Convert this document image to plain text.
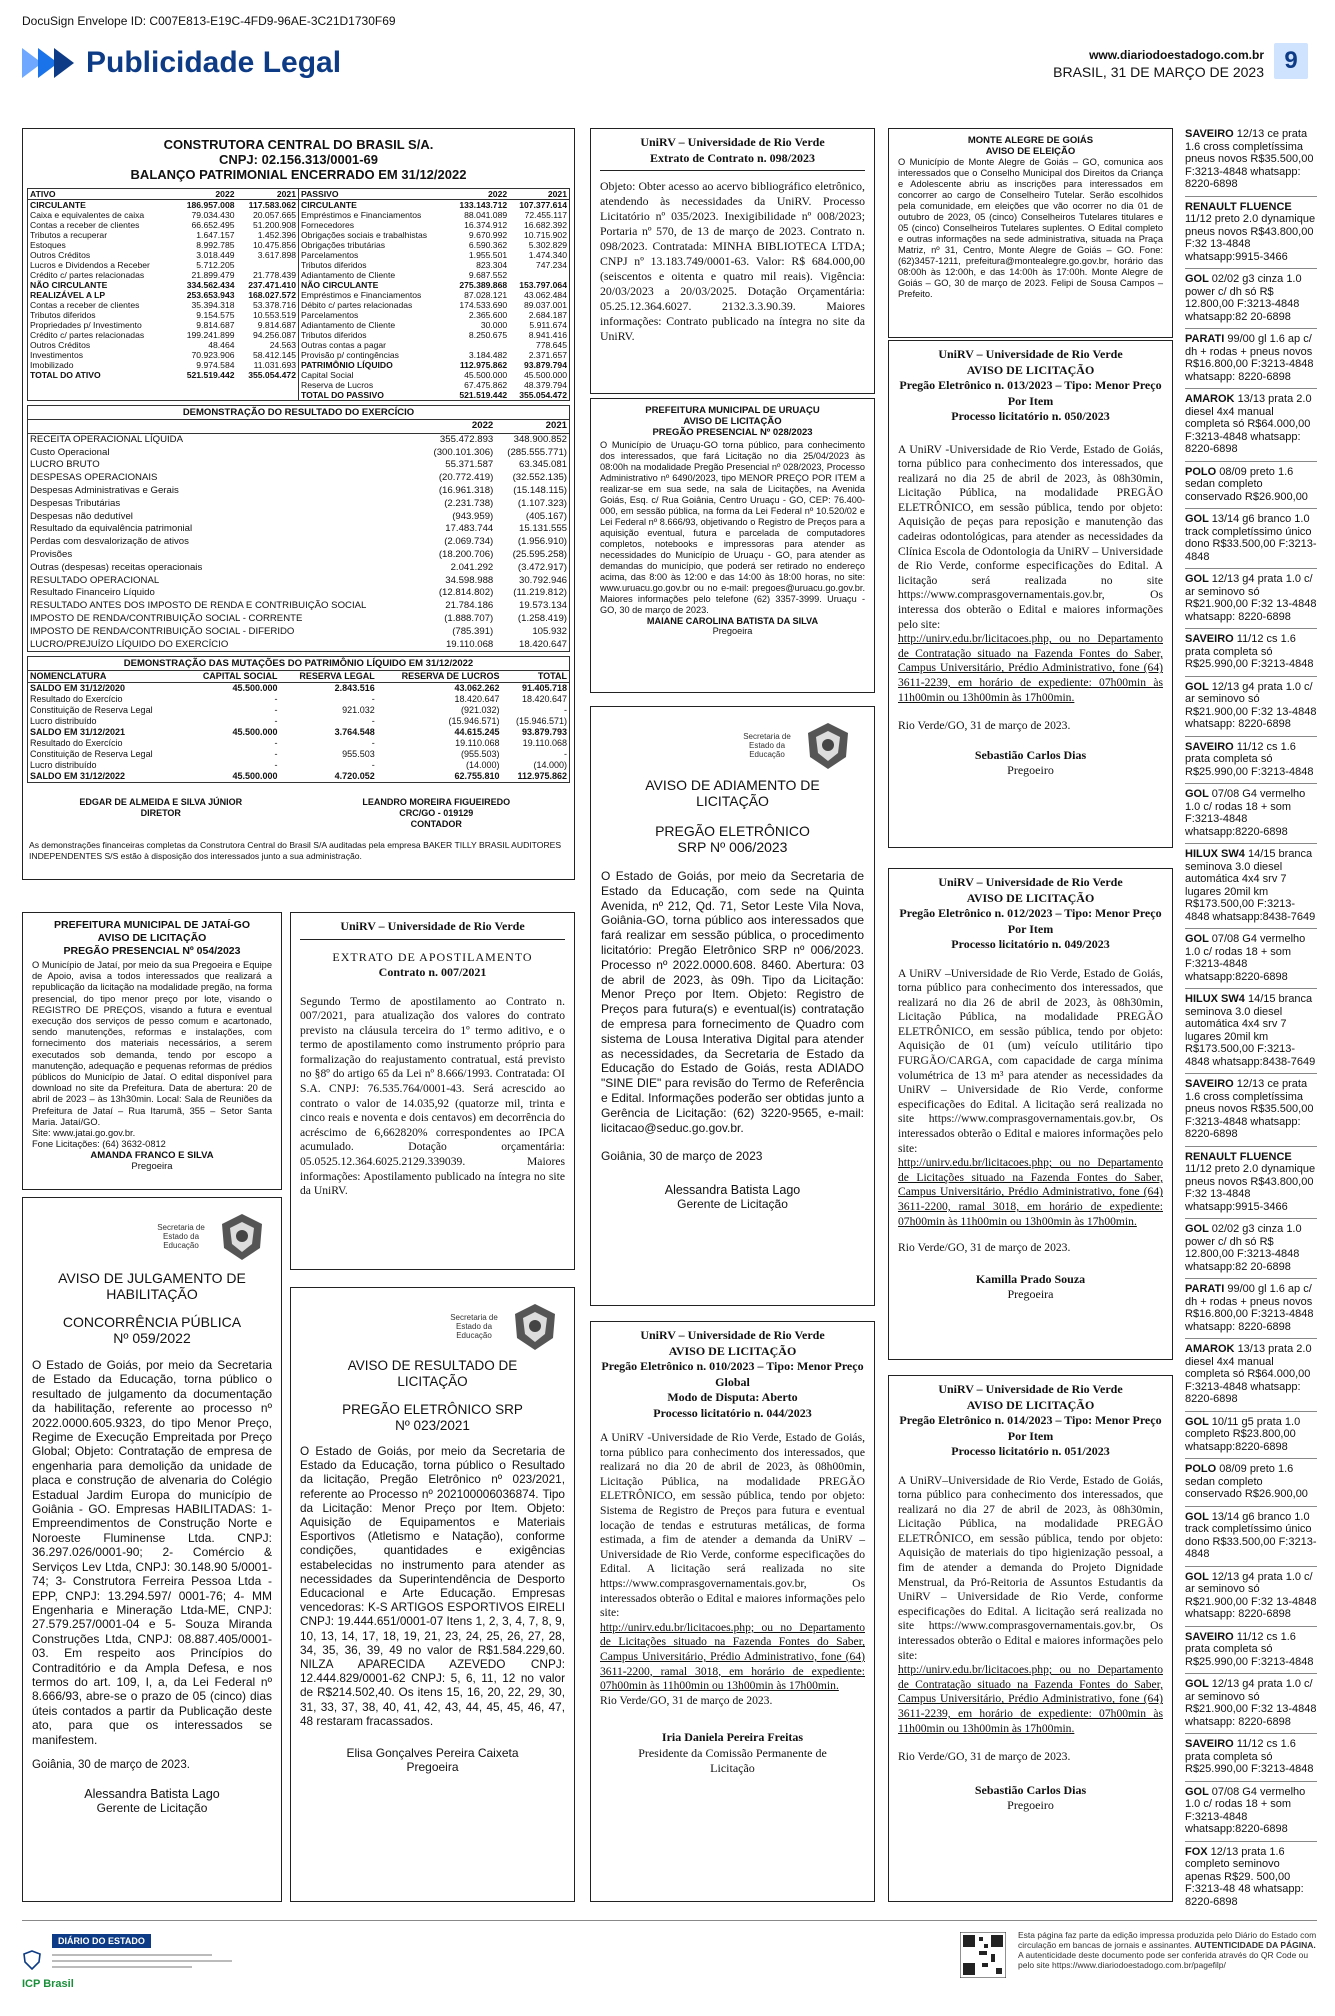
DocuSign Envelope ID: C007E813-E19C-4FD9-96AE-3C21D1730F69
Publicidade Legal	www.diariodoestadogo.com.br
BRASIL, 31 DE MARÇO DE 2023 9
CONSTRUTORA CENTRAL DO BRASIL S/A.
CNPJ: 02.156.313/0001-69
BALANÇO PATRIMONIAL ENCERRADO EM 31/12/2022
ATIVO	2022	2021
CIRCULANTE	186.957.008	117.583.062
Caixa e equivalentes de caixa	79.034.430	20.057.665
Contas a receber de clientes	66.652.495	51.200.908
Tributos a recuperar	1.647.157	1.452.396
Estoques	8.992.785	10.475.856
Outros Créditos	3.018.449	3.617.898
Lucros e Dividendos a Receber	5.712.205	
Crédito c/ partes relacionadas	21.899.479	21.778.439
NÃO CIRCULANTE	334.562.434	237.471.410
REALIZÁVEL A LP	253.653.943	168.027.572
Contas a receber de clientes	35.394.318	53.378.716
Tributos diferidos	9.154.575	10.553.519
Propriedades p/ Investimento	9.814.687	9.814.687
Crédito c/ partes relacionadas	199.241.899	94.256.087
Outros Créditos	48.464	24.563
Investimentos	70.923.906	58.412.145
Imobilizado	9.974.584	11.031.693
TOTAL DO ATIVO	521.519.442	355.054.472
PASSIVO	2022	2021
CIRCULANTE	133.143.712	107.377.614
Empréstimos e Financiamentos	88.041.089	72.455.117
Fornecedores	16.374.912	16.682.392
Obrigações sociais e trabalhistas	9.670.992	10.715.902
Obrigações tributárias	6.590.362	5.302.829
Parcelamentos	1.955.501	1.474.340
Tributos diferidos	823.304	747.234
Adiantamento de Cliente	9.687.552	
NÃO CIRCULANTE	275.389.868	153.797.064
Empréstimos e Financiamentos	87.028.121	43.062.484
Débito c/ partes relacionadas	174.533.690	89.037.001
Parcelamentos	2.365.600	2.684.187
Adiantamento de Cliente	30.000	5.911.674
Tributos diferidos	8.250.675	8.941.416
Outras contas a pagar		778.645
Provisão p/ contingências	3.184.482	2.371.657
PATRIMÔNIO LÍQUIDO	112.975.862	93.879.794
Capital Social	45.500.000	45.500.000
Reserva de Lucros	67.475.862	48.379.794
TOTAL DO PASSIVO	521.519.442	355.054.472
DEMONSTRAÇÃO DO RESULTADO DO EXERCÍCIO
	2022	2021
RECEITA OPERACIONAL LÍQUIDA	355.472.893	348.900.852
Custo Operacional	(300.101.306)	(285.555.771)
LUCRO BRUTO	55.371.587	63.345.081
DESPESAS OPERACIONAIS	(20.772.419)	(32.552.135)
Despesas Administrativas e Gerais	(16.961.318)	(15.148.115)
Despesas Tributárias	(2.231.738)	(1.107.323)
Despesas não dedutível	(943.959)	(405.167)
Resultado da equivalência patrimonial	17.483.744	15.131.555
Perdas com desvalorização de ativos	(2.069.734)	(1.956.910)
Provisões	(18.200.706)	(25.595.258)
Outras (despesas) receitas operacionais	2.041.292	(3.472.917)
RESULTADO OPERACIONAL	34.598.988	30.792.946
Resultado Financeiro Líquido	(12.814.802)	(11.219.812)
RESULTADO ANTES DOS IMPOSTO DE RENDA E CONTRIBUIÇÃO SOCIAL	21.784.186	19.573.134
IMPOSTO DE RENDA/CONTRIBUIÇÃO SOCIAL - CORRENTE	(1.888.707)	(1.258.419)
IMPOSTO DE RENDA/CONTRIBUIÇÃO SOCIAL - DIFERIDO	(785.391)	105.932
LUCRO/PREJUÍZO LÍQUIDO DO EXERCÍCIO	19.110.068	18.420.647
DEMONSTRAÇÃO DAS MUTAÇÕES DO PATRIMÔNIO LÍQUIDO EM 31/12/2022
NOMENCLATURA	CAPITAL SOCIAL	RESERVA LEGAL	RESERVA DE LUCROS	TOTAL
SALDO EM 31/12/2020	45.500.000	2.843.516	43.062.262	91.405.718
Resultado do Exercício	-	-	18.420.647	18.420.647
Constituição de Reserva Legal	-	921.032	(921.032)	-
Lucro distribuído	-	-	(15.946.571)	(15.946.571)
SALDO EM 31/12/2021	45.500.000	3.764.548	44.615.245	93.879.793
Resultado do Exercício	-	-	19.110.068	19.110.068
Constituição de Reserva Legal	-	955.503	(955.503)	-
Lucro distribuído	-	-	(14.000)	(14.000)
SALDO EM 31/12/2022	45.500.000	4.720.052	62.755.810	112.975.862
EDGAR DE ALMEIDA E SILVA JÚNIOR
DIRETOR
LEANDRO MOREIRA FIGUEIREDO
CRC/GO - 019129
CONTADOR
As demonstrações financeiras completas da Construtora Central do Brasil S/A auditadas pela empresa BAKER TILLY BRASIL AUDITORES INDEPENDENTES S/S estão à disposição dos interessados junto a sua administração.
PREFEITURA MUNICIPAL DE JATAÍ-GO
AVISO DE LICITAÇÃO
PREGÃO PRESENCIAL Nº 054/2023

O Município de Jataí, por meio da sua Pregoeira e Equipe de Apoio, avisa a todos interessados que realizará a republicação da licitação na modalidade pregão, na forma presencial, do tipo menor preço por lote, visando o REGISTRO DE PREÇOS, visando a futura e eventual execução dos serviços de pesso comum e acartonado, sendo manutenções, reformas e instalações, com fornecimento dos materiais necessários, a serem executados sob demanda, tendo por escopo a manutenção, adequação e pequenas reformas de prédios públicos do Município de Jataí. O edital disponível para download no site da Prefeitura. Data de abertura: 20 de abril de 2023 – às 13h30min. Local: Sala de Reuniões da Prefeitura de Jataí – Rua Itarumã, 355 – Setor Santa Maria. Jataí/GO.

Site: www.jatai.go.gov.br.

Fone Licitações: (64) 3632-0812

AMANDA FRANCO E SILVA
Pregoeira
UniRV – Universidade de Rio Verde
EXTRATO DE APOSTILAMENTO
Contrato n. 007/2021

Segundo Termo de apostilamento ao Contrato n. 007/2021, para atualização dos valores do contrato previsto na cláusula terceira do 1º termo aditivo, e o termo de apostilamento como instrumento próprio para formalização do reajustamento contratual, está previsto no §8º do artigo 65 da Lei nº 8.666/1993. Contratada: OI S.A. CNPJ: 76.535.764/0001-43. Será acrescido ao contrato o valor de 14.035,92 (quatorze mil, trinta e cinco reais e noventa e dois centavos) em decorrência do acréscimo de 6,662820% correspondentes ao IPCA acumulado. Dotação orçamentária: 05.0525.12.364.6025.2129.339039. Maiores informações: Apostilamento publicado na íntegra no site da UniRV.

UniRV – Universidade de Rio Verde
Extrato de Contrato n. 098/2023

Objeto: Obter acesso ao acervo bibliográfico eletrônico, atendendo às necessidades da UniRV. Processo Licitatório nº 035/2023. Inexigibilidade nº 008/2023; Portaria nº 570, de 13 de março de 2023. Contrato n. 098/2023. Contratada: MINHA BIBLIOTECA LTDA; CNPJ nº 13.183.749/0001-63. Valor: R$ 684.000,00 (seiscentos e oitenta e quatro mil reais). Vigência: 20/03/2023 a 20/03/2025. Dotação Orçamentária: 05.25.12.364.6027. 2132.3.3.90.39. Maiores informações: Contrato publicado na íntegra no site da UniRV.

PREFEITURA MUNICIPAL DE URUAÇU
AVISO DE LICITAÇÃO
PREGÃO PRESENCIAL Nº 028/2023

O Município de Uruaçu-GO torna público, para conhecimento dos interessados, que fará Licitação no dia 25/04/2023 às 08:00h na modalidade Pregão Presencial nº 028/2023, Processo Administrativo nº 6490/2023, tipo MENOR PREÇO POR ITEM a realizar-se em sua sede, na sala de Licitações, na Avenida Goiás, Esq. c/ Rua Goiânia, Centro Uruaçu - GO, CEP: 76.400-000, em sessão pública, na forma da Lei Federal nº 10.520/02 e Lei Federal nº 8.666/93, objetivando o Registro de Preços para a aquisição eventual, futura e parcelada de computadores completos, notebooks e impressoras para atender as necessidades do Município de Uruaçu - GO, para atender as demandas do município, que poderá ser retirado no endereço acima, das 8:00 às 12:00 e das 14:00 às 18:00 horas, no site: www.uruacu.go.gov.br ou no e-mail: pregoes@uruacu.go.gov.br. Maiores informações pelo telefone (62) 3357-3999. Uruaçu - GO, 30 de março de 2023.

MAIANE CAROLINA BATISTA DA SILVA
Pregoeira
Secretaria de Estado da Educação
AVISO DE ADIAMENTO DE LICITAÇÃO
PREGÃO ELETRÔNICO SRP Nº 006/2023

O Estado de Goiás, por meio da Secretaria de Estado da Educação, com sede na Quinta Avenida, nº 212, Qd. 71, Setor Leste Vila Nova, Goiânia-GO, torna público aos interessados que fará realizar em sessão pública, o procedimento licitatório: Pregão Eletrônico SRP nº 006/2023. Processo nº 2022.0000.608. 8460. Abertura: 03 de abril de 2023, às 09h. Tipo da Licitação: Menor Preço por Item. Objeto: Registro de Preços para futura(s) e eventual(is) contratação de empresa para fornecimento de Quadro com sistema de Lousa Interativa Digital para atender as necessidades, da Secretaria de Estado da Educação do Estado de Goiás, resta ADIADO "SINE DIE" para revisão do Termo de Referência e Edital. Informações poderão ser obtidas junto a Gerência de Licitação: (62) 3220-9565, e-mail: licitacao@seduc.go.gov.br.

Goiânia, 30 de março de 2023

Alessandra Batista Lago
Gerente de Licitação
Secretaria de Estado da Educação
AVISO DE JULGAMENTO DE HABILITAÇÃO
CONCORRÊNCIA PÚBLICA Nº 059/2022

O Estado de Goiás, por meio da Secretaria de Estado da Educação, torna público o resultado de julgamento da documentação da habilitação, referente ao processo nº 2022.0000.605.9323, do tipo Menor Preço, Regime de Execução Empreitada por Preço Global; Objeto: Contratação de empresa de engenharia para demolição da unidade de placa e construção de alvenaria do Colégio Estadual Jardim Europa do município de Goiânia - GO. Empresas HABILITADAS: 1- Empreendimentos de Construção Norte e Noroeste Fluminense Ltda. CNPJ: 36.297.026/0001-90; 2- Comércio & Serviços Lev Ltda, CNPJ: 30.148.90 5/0001-74; 3- Construtora Ferreira Pessoa Ltda - EPP, CNPJ: 13.294.597/ 0001-76; 4- MM Engenharia e Mineração Ltda-ME, CNPJ: 27.579.257/0001-04 e 5- Souza Miranda Construções Ltda, CNPJ: 08.887.405/0001-03. Em respeito aos Princípios do Contraditório e da Ampla Defesa, e nos termos do art. 109, I, a, da Lei Federal nº 8.666/93, abre-se o prazo de 05 (cinco) dias úteis contados a partir da Publicação deste ato, para que os interessados se manifestem.

Goiânia, 30 de março de 2023.

Alessandra Batista Lago
Gerente de Licitação
Secretaria de Estado da Educação
AVISO DE RESULTADO DE LICITAÇÃO
PREGÃO ELETRÔNICO SRP Nº 023/2021

O Estado de Goiás, por meio da Secretaria de Estado da Educação, torna público o Resultado da licitação, Pregão Eletrônico nº 023/2021, referente ao Processo nº 202100006036874. Tipo da Licitação: Menor Preço por Item. Objeto: Aquisição de Equipamentos e Materiais Esportivos (Atletismo e Natação), conforme condições, quantidades e exigências estabelecidas no instrumento para atender as necessidades da Superintendência de Desporto Educacional e Arte Educação. Empresas vencedoras: K-S ARTIGOS ESPORTIVOS EIRELI CNPJ: 19.444.651/0001-07 Itens 1, 2, 3, 4, 7, 8, 9, 10, 13, 14, 17, 18, 19, 21, 23, 24, 25, 26, 27, 28, 34, 35, 36, 39, 49 no valor de R$1.584.229,60. NILZA APARECIDA AZEVEDO CNPJ: 12.444.829/0001-62 CNPJ: 5, 6, 11, 12 no valor de R$214.502,40. Os itens 15, 16, 20, 22, 29, 30, 31, 33, 37, 38, 40, 41, 42, 43, 44, 45, 45, 46, 47, 48 restaram fracassados.

Elisa Gonçalves Pereira Caixeta
Pregoeira
UniRV – Universidade de Rio Verde
AVISO DE LICITAÇÃO
Pregão Eletrônico n. 010/2023 – Tipo: Menor Preço Global
Modo de Disputa: Aberto
Processo licitatório n. 044/2023

A UniRV -Universidade de Rio Verde, Estado de Goiás, torna público para conhecimento dos interessados, que realizará no dia 20 de abril de 2023, às 08h00min, Licitação Pública, na modalidade PREGÃO ELETRÔNICO, em sessão pública, tendo por objeto: Sistema de Registro de Preços para futura e eventual locação de tendas e estruturas metálicas, de forma estimada, a fim de atender a demanda da UniRV – Universidade de Rio Verde, conforme especificações do Edital. A licitação será realizada no site https://www.comprasgovernamentais.gov.br, Os interessados obterão o Edital e maiores informações pelo site:

http://unirv.edu.br/licitacoes.php; ou no Departamento de Licitações situado na Fazenda Fontes do Saber, Campus Universitário, Prédio Administrativo, fone (64) 3611-2200, ramal 3018, em horário de expediente: 07h00min às 11h00min ou 13h00min às 17h00min.

Rio Verde/GO, 31 de março de 2023.

Iria Daniela Pereira Freitas
Presidente da Comissão Permanente de Licitação
MONTE ALEGRE DE GOIÁS
AVISO DE ELEIÇÃO

O Município de Monte Alegre de Goiás – GO, comunica aos interessados que o Conselho Municipal dos Direitos da Criança e Adolescente abriu as inscrições para interessados em concorrer ao cargo de Conselheiro Tutelar. Serão escolhidos pela comunidade, em eleições que vão ocorrer no dia 01 de outubro de 2023, 05 (cinco) Conselheiros Tutelares titulares e 05 (cinco) Conselheiros Tutelares suplentes. O Edital completo e outras informações na sede administrativa, situada na Praça Matriz, nº 31, Centro, Monte Alegre de Goiás – GO. Fone:(62)3457-1211, prefeitura@montealegre.go.gov.br, horário das 08:00h às 12:00h, e das 14:00h às 17:00h. Monte Alegre de Goiás – GO, 30 de março de 2023. Felipi de Sousa Campos – Prefeito.

UniRV – Universidade de Rio Verde
AVISO DE LICITAÇÃO
Pregão Eletrônico n. 013/2023 – Tipo: Menor Preço Por Item
Processo licitatório n. 050/2023

A UniRV -Universidade de Rio Verde, Estado de Goiás, torna público para conhecimento dos interessados, que realizará no dia 25 de abril de 2023, às 08h30min, Licitação Pública, na modalidade PREGÃO ELETRÔNICO, em sessão pública, tendo por objeto: Aquisição de peças para reposição e manutenção das cadeiras odontológicas, para atender as necessidades da Clínica Escola de Odontologia da UniRV – Universidade de Rio Verde, conforme especificações do Edital. A licitação será realizada no site https://www.comprasgovernamentais.gov.br, Os interessa dos obterão o Edital e maiores informações pelo site:

http://unirv.edu.br/licitacoes.php, ou no Departamento de Contratação situado na Fazenda Fontes do Saber, Campus Universitário, Prédio Administrativo, fone (64) 3611-2239, em horário de expediente: 07h00min às 11h00min ou 13h00min às 17h00min.

Rio Verde/GO, 31 de março de 2023.

Sebastião Carlos Dias
Pregoeiro
UniRV – Universidade de Rio Verde
AVISO DE LICITAÇÃO
Pregão Eletrônico n. 012/2023 – Tipo: Menor Preço Por Item
Processo licitatório n. 049/2023

A UniRV –Universidade de Rio Verde, Estado de Goiás, torna público para conhecimento dos interessados, que realizará no dia 26 de abril de 2023, às 08h30min, Licitação Pública, na modalidade PREGÃO ELETRÔNICO, em sessão pública, tendo por objeto: Aquisição de 01 (um) veículo utilitário tipo FURGÃO/CARGA, com capacidade de carga mínima volumétrica de 13 m³ para atender as necessidades da UniRV – Universidade de Rio Verde, conforme especificações do Edital. A licitação será realizada no site https://www.comprasgovernamentais.gov.br, Os interessados obterão o Edital e maiores informações pelo site:

http://unirv.edu.br/licitacoes.php; ou no Departamento de Licitações situado na Fazenda Fontes do Saber, Campus Universitário, Prédio Administrativo, fone (64) 3611-2200, ramal 3018, em horário de expediente: 07h00min às 11h00min ou 13h00min às 17h00min.

Rio Verde/GO, 31 de março de 2023.

Kamilla Prado Souza
Pregoeira
UniRV – Universidade de Rio Verde
AVISO DE LICITAÇÃO
Pregão Eletrônico n. 014/2023 – Tipo: Menor Preço Por Item
Processo licitatório n. 051/2023

A UniRV–Universidade de Rio Verde, Estado de Goiás, torna público para conhecimento dos interessados, que realizará no dia 27 de abril de 2023, às 08h30min, Licitação Pública, na modalidade PREGÃO ELETRÔNICO, em sessão pública, tendo por objeto: Aquisição de materiais do tipo higienização pessoal, a fim de atender a demanda do Projeto Dignidade Menstrual, da Pró-Reitoria de Assuntos Estudantis da UniRV – Universidade de Rio Verde, conforme especificações do Edital. A licitação será realizada no site https://www.comprasgovernamentais.gov.br, Os interessados obterão o Edital e maiores informações pelo site:

http://unirv.edu.br/licitacoes.php; ou no Departamento de Contratação situado na Fazenda Fontes do Saber, Campus Universitário, Prédio Administrativo, fone (64) 3611-2239, em horário de expediente: 07h00min às 11h00min ou 13h00min às 17h00min.

Rio Verde/GO, 31 de março de 2023.

Sebastião Carlos Dias
Pregoeiro

SAVEIRO 12/13 ce prata 1.6 cross completíssima pneus novos R$35.500,00 F:3213-4848 whatsapp: 8220-6898

RENAULT FLUENCE 11/12 preto 2.0 dynamique pneus novos R$43.800,00 F:32 13-4848 whatsapp:9915-3466

GOL 02/02 g3 cinza 1.0 power c/ dh só R$ 12.800,00 F:3213-4848 whatsapp:82 20-6898

PARATI 99/00 gl 1.6 ap c/ dh + rodas + pneus novos R$16.800,00 F:3213-4848 whatsapp: 8220-6898

AMAROK 13/13 prata 2.0 diesel 4x4 manual completa só R$64.000,00 F:3213-4848 whatsapp: 8220-6898

POLO 08/09 preto 1.6 sedan completo conservado R$26.900,00

GOL 13/14 g6 branco 1.0 track completíssimo único dono R$33.500,00 F:3213-4848

GOL 12/13 g4 prata 1.0 c/ ar seminovo só R$21.900,00 F:32 13-4848 whatsapp: 8220-6898

SAVEIRO 11/12 cs 1.6 prata completa só R$25.990,00 F:3213-4848

GOL 12/13 g4 prata 1.0 c/ ar seminovo só R$21.900,00 F:32 13-4848 whatsapp: 8220-6898

SAVEIRO 11/12 cs 1.6 prata completa só R$25.990,00 F:3213-4848

GOL 07/08 G4 vermelho 1.0 c/ rodas 18 + som F:3213-4848 whatsapp:8220-6898

HILUX SW4 14/15 branca seminova 3.0 diesel automática 4x4 srv 7 lugares 20mil km R$173.500,00 F:3213-4848 whatsapp:8438-7649

GOL 07/08 G4 vermelho 1.0 c/ rodas 18 + som F:3213-4848 whatsapp:8220-6898

HILUX SW4 14/15 branca seminova 3.0 diesel automática 4x4 srv 7 lugares 20mil km R$173.500,00 F:3213-4848 whatsapp:8438-7649

SAVEIRO 12/13 ce prata 1.6 cross completíssima pneus novos R$35.500,00 F:3213-4848 whatsapp: 8220-6898

RENAULT FLUENCE 11/12 preto 2.0 dynamique pneus novos R$43.800,00 F:32 13-4848 whatsapp:9915-3466

GOL 02/02 g3 cinza 1.0 power c/ dh só R$ 12.800,00 F:3213-4848 whatsapp:82 20-6898

PARATI 99/00 gl 1.6 ap c/ dh + rodas + pneus novos R$16.800,00 F:3213-4848 whatsapp: 8220-6898

AMAROK 13/13 prata 2.0 diesel 4x4 manual completa só R$64.000,00 F:3213-4848 whatsapp: 8220-6898

GOL 10/11 g5 prata 1.0 completo R$23.800,00 whatsapp:8220-6898

POLO 08/09 preto 1.6 sedan completo conservado R$26.900,00

GOL 13/14 g6 branco 1.0 track completíssimo único dono R$33.500,00 F:3213-4848

GOL 12/13 g4 prata 1.0 c/ ar seminovo só R$21.900,00 F:32 13-4848 whatsapp: 8220-6898

SAVEIRO 11/12 cs 1.6 prata completa só R$25.990,00 F:3213-4848

GOL 12/13 g4 prata 1.0 c/ ar seminovo só R$21.900,00 F:32 13-4848 whatsapp: 8220-6898

SAVEIRO 11/12 cs 1.6 prata completa só R$25.990,00 F:3213-4848

GOL 07/08 G4 vermelho 1.0 c/ rodas 18 + som F:3213-4848 whatsapp:8220-6898

FOX 12/13 prata 1.6 completo seminovo apenas R$29. 500,00 F:3213-48 48 whatsapp: 8220-6898

DIÁRIO DO ESTADO
ICP Brasil
Esta página faz parte da edição impressa produzida pelo Diário do Estado com circulação em bancas de jornais e assinantes. AUTENTICIDADE DA PÁGINA. A autenticidade deste documento pode ser conferida através do QR Code ou pelo site https://www.diariodoestadogo.com.br/pagefilp/
